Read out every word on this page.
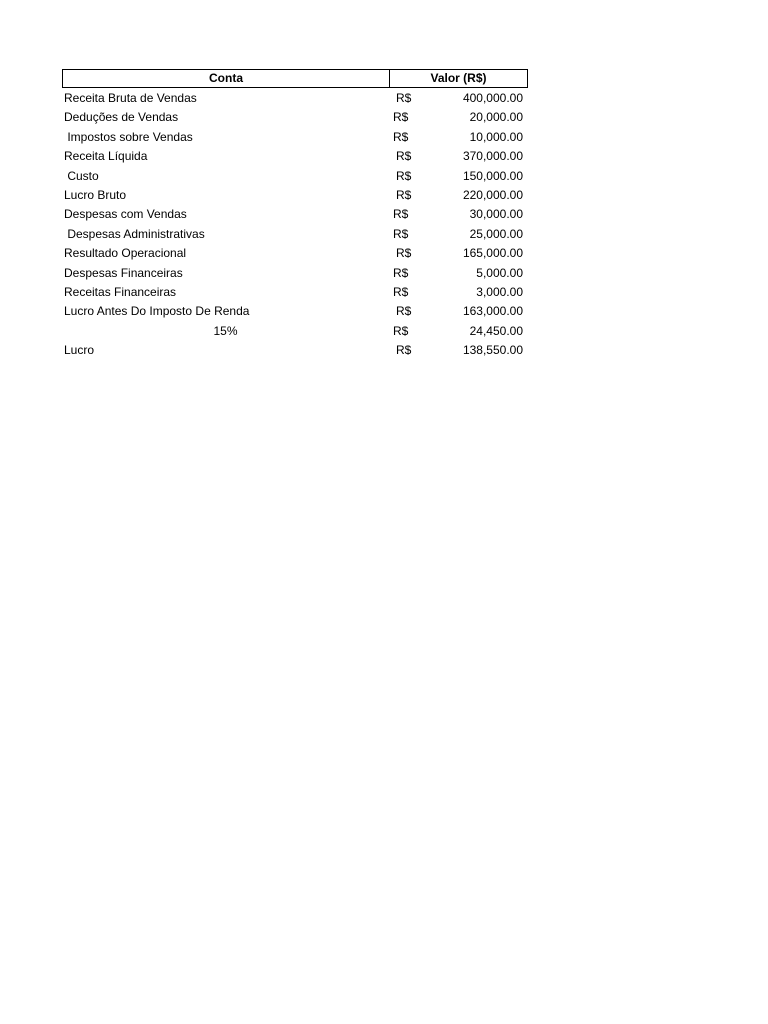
Conta	Valor (R$)
Receita Bruta de Vendas	R$	400,000.00
Deduções de Vendas	R$	20,000.00
Impostos sobre Vendas	R$	10,000.00
Receita Líquida	R$	370,000.00
Custo	R$	150,000.00
Lucro Bruto	R$	220,000.00
Despesas com Vendas	R$	30,000.00
Despesas Administrativas	R$	25,000.00
Resultado Operacional	R$	165,000.00
Despesas Financeiras	R$	5,000.00
Receitas Financeiras	R$	3,000.00
Lucro Antes Do Imposto De Renda	R$	163,000.00
15%	R$	24,450.00
Lucro	R$	138,550.00
